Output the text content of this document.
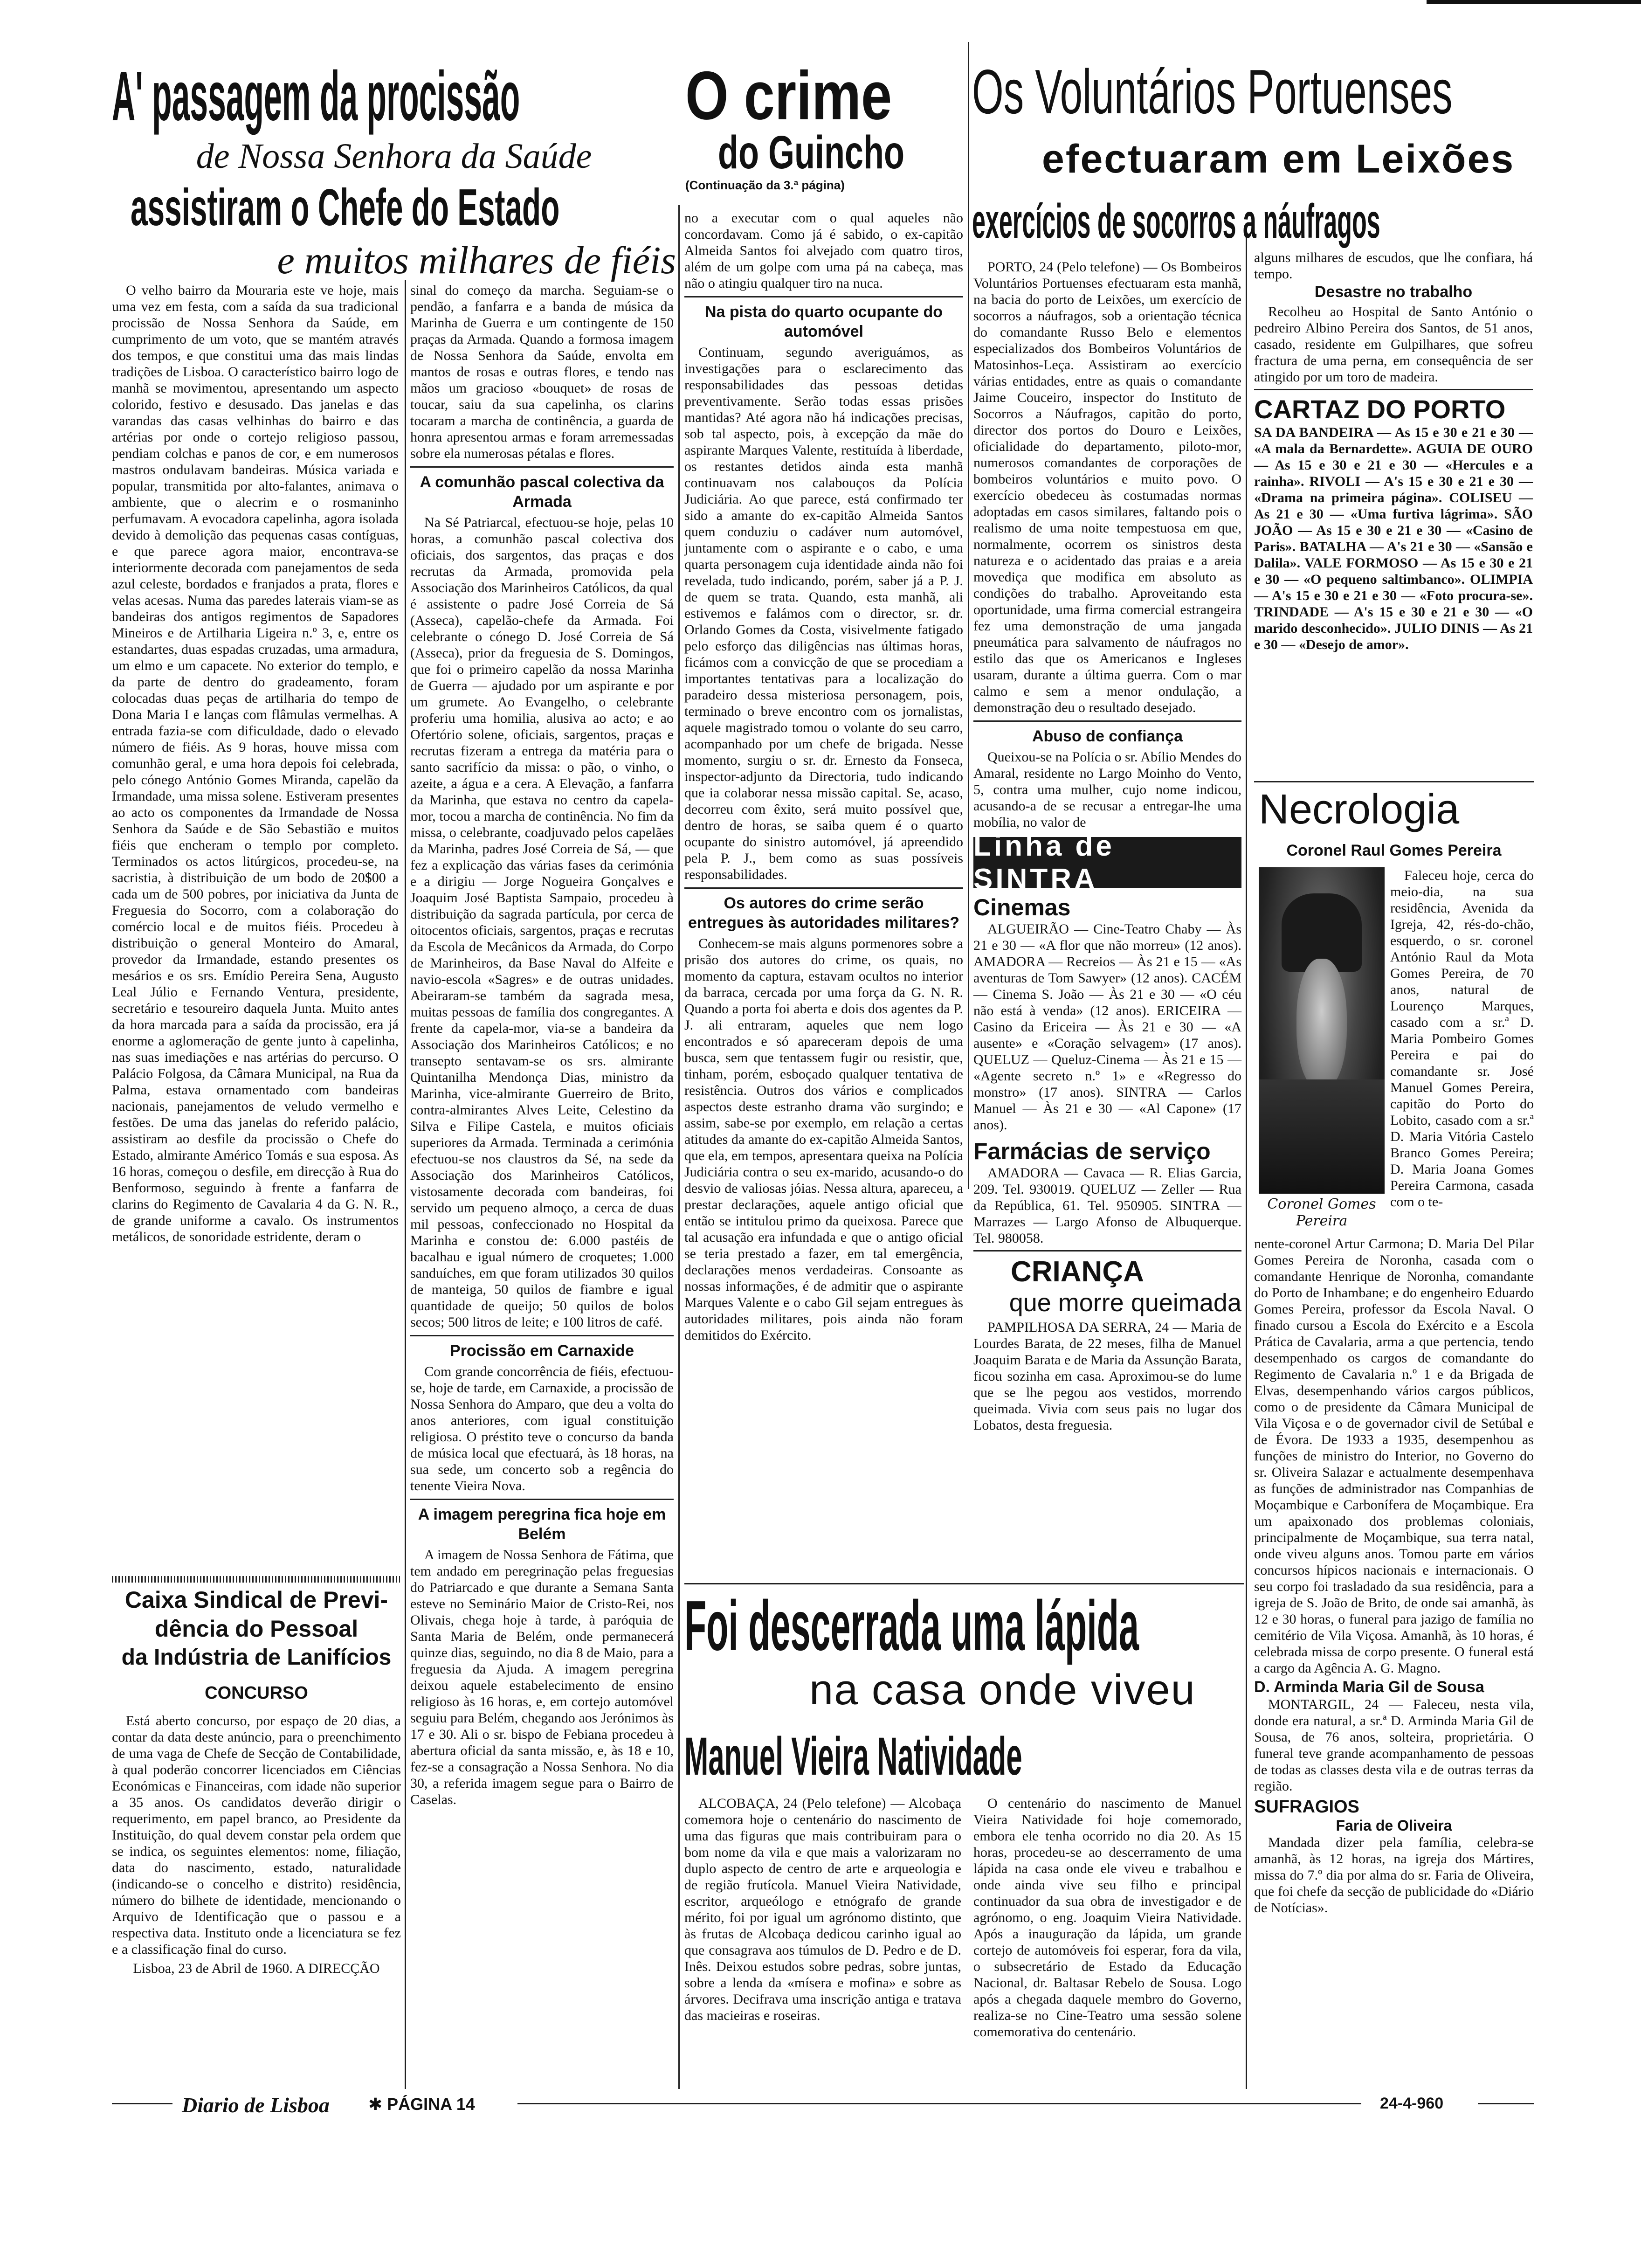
A' passagem da procissão
de Nossa Senhora da Saúde
assistiram o Chefe do Estado
e muitos milhares de fiéis
O crime
do Guincho
(Continuação da 3.ª página)
Os Voluntários Portuenses
efectuaram em Leixões
exercícios de socorros a náufragos

O velho bairro da Mouraria este ve hoje, mais uma vez em festa, com a saída da sua tradicional procissão de Nossa Senhora da Saúde, em cumprimento de um voto, que se mantém através dos tempos, e que constitui uma das mais lindas tradições de Lisboa. O característico bairro logo de manhã se movimentou, apresentando um aspecto colorido, festivo e desusado. Das janelas e das varandas das casas velhinhas do bairro e das artérias por onde o cortejo religioso passou, pendiam colchas e panos de cor, e em numerosos mastros ondulavam bandeiras. Música variada e popular, transmitida por alto-falantes, animava o ambiente, que o alecrim e o rosmaninho perfumavam. A evocadora capelinha, agora isolada devido à demolição das pequenas casas contíguas, e que parece agora maior, encontrava-se interiormente decorada com panejamentos de seda azul celeste, bordados e franjados a prata, flores e velas acesas. Numa das paredes laterais viam-se as bandeiras dos antigos regimentos de Sapadores Mineiros e de Artilharia Ligeira n.º 3, e, entre os estandartes, duas espadas cruzadas, uma armadura, um elmo e um capacete. No exterior do templo, e da parte de dentro do gradeamento, foram colocadas duas peças de artilharia do tempo de Dona Maria I e lanças com flâmulas vermelhas. A entrada fazia-se com dificuldade, dado o elevado número de fiéis. As 9 horas, houve missa com comunhão geral, e uma hora depois foi celebrada, pelo cónego António Gomes Miranda, capelão da Irmandade, uma missa solene. Estiveram presentes ao acto os componentes da Irmandade de Nossa Senhora da Saúde e de São Sebastião e muitos fiéis que encheram o templo por completo. Terminados os actos litúrgicos, procedeu-se, na sacristia, à distribuição de um bodo de 20$00 a cada um de 500 pobres, por iniciativa da Junta de Freguesia do Socorro, com a colaboração do comércio local e de muitos fiéis. Procedeu à distribuição o general Monteiro do Amaral, provedor da Irmandade, estando presentes os mesários e os srs. Emídio Pereira Sena, Augusto Leal Júlio e Fernando Ventura, presidente, secretário e tesoureiro daquela Junta. Muito antes da hora marcada para a saída da procissão, era já enorme a aglomeração de gente junto à capelinha, nas suas imediações e nas artérias do percurso. O Palácio Folgosa, da Câmara Municipal, na Rua da Palma, estava ornamentado com bandeiras nacionais, panejamentos de veludo vermelho e festões. De uma das janelas do referido palácio, assistiram ao desfile da procissão o Chefe do Estado, almirante Américo Tomás e sua esposa. As 16 horas, começou o desfile, em direcção à Rua do Benformoso, seguindo à frente a fanfarra de clarins do Regimento de Cavalaria 4 da G. N. R., de grande uniforme a cavalo. Os instrumentos metálicos, de sonoridade estridente, deram o

Caixa Sindical de Previ-
dência do Pessoal
da Indústria de Lanifícios
CONCURSO

Está aberto concurso, por espaço de 20 dias, a contar da data deste anúncio, para o preenchimento de uma vaga de Chefe de Secção de Contabilidade, à qual poderão concorrer licenciados em Ciências Económicas e Financeiras, com idade não superior a 35 anos. Os candidatos deverão dirigir o requerimento, em papel branco, ao Presidente da Instituição, do qual devem constar pela ordem que se indica, os seguintes elementos: nome, filiação, data do nascimento, estado, naturalidade (indicando-se o concelho e distrito) residência, número do bilhete de identidade, mencionando o Arquivo de Identificação que o passou e a respectiva data. Instituto onde a licenciatura se fez e a classificação final do curso.

Lisboa, 23 de Abril de 1960. A DIRECÇÃO

sinal do começo da marcha. Seguiam-se o pendão, a fanfarra e a banda de música da Marinha de Guerra e um contingente de 150 praças da Armada. Quando a formosa imagem de Nossa Senhora da Saúde, envolta em mantos de rosas e outras flores, e tendo nas mãos um gracioso «bouquet» de rosas de toucar, saiu da sua capelinha, os clarins tocaram a marcha de continência, a guarda de honra apresentou armas e foram arremessadas sobre ela numerosas pétalas e flores.

A comunhão pascal colectiva da Armada

Na Sé Patriarcal, efectuou-se hoje, pelas 10 horas, a comunhão pascal colectiva dos oficiais, dos sargentos, das praças e dos recrutas da Armada, promovida pela Associação dos Marinheiros Católicos, da qual é assistente o padre José Correia de Sá (Asseca), capelão-chefe da Armada. Foi celebrante o cónego D. José Correia de Sá (Asseca), prior da freguesia de S. Domingos, que foi o primeiro capelão da nossa Marinha de Guerra — ajudado por um aspirante e por um grumete. Ao Evangelho, o celebrante proferiu uma homilia, alusiva ao acto; e ao Ofertório solene, oficiais, sargentos, praças e recrutas fizeram a entrega da matéria para o santo sacrifício da missa: o pão, o vinho, o azeite, a água e a cera. A Elevação, a fanfarra da Marinha, que estava no centro da capela-mor, tocou a marcha de continência. No fim da missa, o celebrante, coadjuvado pelos capelães da Marinha, padres José Correia de Sá, — que fez a explicação das várias fases da cerimónia e a dirigiu — Jorge Nogueira Gonçalves e Joaquim José Baptista Sampaio, procedeu à distribuição da sagrada partícula, por cerca de oitocentos oficiais, sargentos, praças e recrutas da Escola de Mecânicos da Armada, do Corpo de Marinheiros, da Base Naval do Alfeite e navio-escola «Sagres» e de outras unidades. Abeiraram-se também da sagrada mesa, muitas pessoas de família dos congregantes. A frente da capela-mor, via-se a bandeira da Associação dos Marinheiros Católicos; e no transepto sentavam-se os srs. almirante Quintanilha Mendonça Dias, ministro da Marinha, vice-almirante Guerreiro de Brito, contra-almirantes Alves Leite, Celestino da Silva e Filipe Castela, e muitos oficiais superiores da Armada. Terminada a cerimónia efectuou-se nos claustros da Sé, na sede da Associação dos Marinheiros Católicos, vistosamente decorada com bandeiras, foi servido um pequeno almoço, a cerca de duas mil pessoas, confeccionado no Hospital da Marinha e constou de: 6.000 pastéis de bacalhau e igual número de croquetes; 1.000 sanduíches, em que foram utilizados 30 quilos de manteiga, 50 quilos de fiambre e igual quantidade de queijo; 50 quilos de bolos secos; 500 litros de leite; e 100 litros de café.

Procissão em Carnaxide

Com grande concorrência de fiéis, efectuou-se, hoje de tarde, em Carnaxide, a procissão de Nossa Senhora do Amparo, que deu a volta do anos anteriores, com igual constituição religiosa. O préstito teve o concurso da banda de música local que efectuará, às 18 horas, na sua sede, um concerto sob a regência do tenente Vieira Nova.

A imagem peregrina fica hoje em Belém

A imagem de Nossa Senhora de Fátima, que tem andado em peregrinação pelas freguesias do Patriarcado e que durante a Semana Santa esteve no Seminário Maior de Cristo-Rei, nos Olivais, chega hoje à tarde, à paróquia de Santa Maria de Belém, onde permanecerá quinze dias, seguindo, no dia 8 de Maio, para a freguesia da Ajuda. A imagem peregrina deixou aquele estabelecimento de ensino religioso às 16 horas, e, em cortejo automóvel seguiu para Belém, chegando aos Jerónimos às 17 e 30. Ali o sr. bispo de Febiana procedeu à abertura oficial da santa missão, e, às 18 e 10, fez-se a consagração a Nossa Senhora. No dia 30, a referida imagem segue para o Bairro de Caselas.

no a executar com o qual aqueles não concordavam. Como já é sabido, o ex-capitão Almeida Santos foi alvejado com quatro tiros, além de um golpe com uma pá na cabeça, mas não o atingiu qualquer tiro na nuca.

Na pista do quarto ocupante do automóvel

Continuam, segundo averiguámos, as investigações para o esclarecimento das responsabilidades das pessoas detidas preventivamente. Serão todas essas prisões mantidas? Até agora não há indicações precisas, sob tal aspecto, pois, à excepção da mãe do aspirante Marques Valente, restituída à liberdade, os restantes detidos ainda esta manhã continuavam nos calabouços da Polícia Judiciária. Ao que parece, está confirmado ter sido a amante do ex-capitão Almeida Santos quem conduziu o cadáver num automóvel, juntamente com o aspirante e o cabo, e uma quarta personagem cuja identidade ainda não foi revelada, tudo indicando, porém, saber já a P. J. de quem se trata. Quando, esta manhã, ali estivemos e falámos com o director, sr. dr. Orlando Gomes da Costa, visivelmente fatigado pelo esforço das diligências nas últimas horas, ficámos com a convicção de que se procediam a importantes tentativas para a localização do paradeiro dessa misteriosa personagem, pois, terminado o breve encontro com os jornalistas, aquele magistrado tomou o volante do seu carro, acompanhado por um chefe de brigada. Nesse momento, surgiu o sr. dr. Ernesto da Fonseca, inspector-adjunto da Directoria, tudo indicando que ia colaborar nessa missão capital. Se, acaso, decorreu com êxito, será muito possível que, dentro de horas, se saiba quem é o quarto ocupante do sinistro automóvel, já apreendido pela P. J., bem como as suas possíveis responsabilidades.

Os autores do crime serão entregues às autoridades militares?

Conhecem-se mais alguns pormenores sobre a prisão dos autores do crime, os quais, no momento da captura, estavam ocultos no interior da barraca, cercada por uma força da G. N. R. Quando a porta foi aberta e dois dos agentes da P. J. ali entraram, aqueles que nem logo encontrados e só apareceram depois de uma busca, sem que tentassem fugir ou resistir, que, tinham, porém, esboçado qualquer tentativa de resistência. Outros dos vários e complicados aspectos deste estranho drama vão surgindo; e assim, sabe-se por exemplo, em relação a certas atitudes da amante do ex-capitão Almeida Santos, que ela, em tempos, apresentara queixa na Polícia Judiciária contra o seu ex-marido, acusando-o do desvio de valiosas jóias. Nessa altura, apareceu, a prestar declarações, aquele antigo oficial que então se intitulou primo da queixosa. Parece que tal acusação era infundada e que o antigo oficial se teria prestado a fazer, em tal emergência, declarações menos verdadeiras. Consoante as nossas informações, é de admitir que o aspirante Marques Valente e o cabo Gil sejam entregues às autoridades militares, pois ainda não foram demitidos do Exército.

PORTO, 24 (Pelo telefone) — Os Bombeiros Voluntários Portuenses efectuaram esta manhã, na bacia do porto de Leixões, um exercício de socorros a náufragos, sob a orientação técnica do comandante Russo Belo e elementos especializados dos Bombeiros Voluntários de Matosinhos-Leça. Assistiram ao exercício várias entidades, entre as quais o comandante Jaime Couceiro, inspector do Instituto de Socorros a Náufragos, capitão do porto, director dos portos do Douro e Leixões, oficialidade do departamento, piloto-mor, numerosos comandantes de corporações de bombeiros voluntários e muito povo. O exercício obedeceu às costumadas normas adoptadas em casos similares, faltando pois o realismo de uma noite tempestuosa em que, normalmente, ocorrem os sinistros desta natureza e o acidentado das praias e a areia movediça que modifica em absoluto as condições do trabalho. Aproveitando esta oportunidade, uma firma comercial estrangeira fez uma demonstração de uma jangada pneumática para salvamento de náufragos no estilo das que os Americanos e Ingleses usaram, durante a última guerra. Com o mar calmo e sem a menor ondulação, a demonstração deu o resultado desejado.

Abuso de confiança

Queixou-se na Polícia o sr. Abílio Mendes do Amaral, residente no Largo Moinho do Vento, 5, contra uma mulher, cujo nome indicou, acusando-a de se recusar a entregar-lhe uma mobília, no valor de

Linha de SINTRA
Cinemas

ALGUEIRÃO — Cine-Teatro Chaby — Às 21 e 30 — «A flor que não morreu» (12 anos). AMADORA — Recreios — Às 21 e 15 — «As aventuras de Tom Sawyer» (12 anos). CACÉM — Cinema S. João — Às 21 e 30 — «O céu não está à venda» (12 anos). ERICEIRA — Casino da Ericeira — Às 21 e 30 — «A ausente» e «Coração selvagem» (17 anos). QUELUZ — Queluz-Cinema — Às 21 e 15 — «Agente secreto n.º 1» e «Regresso do monstro» (17 anos). SINTRA — Carlos Manuel — Às 21 e 30 — «Al Capone» (17 anos).

Farmácias de serviço

AMADORA — Cavaca — R. Elias Garcia, 209. Tel. 930019. QUELUZ — Zeller — Rua da República, 61. Tel. 950905. SINTRA — Marrazes — Largo Afonso de Albuquerque. Tel. 980058.

CRIANÇA
que morre queimada

PAMPILHOSA DA SERRA, 24 — Maria de Lourdes Barata, de 22 meses, filha de Manuel Joaquim Barata e de Maria da Assunção Barata, ficou sozinha em casa. Aproximou-se do lume que se lhe pegou aos vestidos, morrendo queimada. Vivia com seus pais no lugar dos Lobatos, desta freguesia.

Foi descerrada uma lápida
na casa onde viveu
Manuel Vieira Natividade

ALCOBAÇA, 24 (Pelo telefone) — Alcobaça comemora hoje o centenário do nascimento de uma das figuras que mais contribuiram para o bom nome da vila e que mais a valorizaram no duplo aspecto de centro de arte e arqueologia e de região frutícola. Manuel Vieira Natividade, escritor, arqueólogo e etnógrafo de grande mérito, foi por igual um agrónomo distinto, que às frutas de Alcobaça dedicou carinho igual ao que consagrava aos túmulos de D. Pedro e de D. Inês. Deixou estudos sobre pedras, sobre juntas, sobre a lenda da «mísera e mofina» e sobre as árvores. Decifrava uma inscrição antiga e tratava das macieiras e roseiras.

O centenário do nascimento de Manuel Vieira Natividade foi hoje comemorado, embora ele tenha ocorrido no dia 20. As 15 horas, procedeu-se ao descerramento de uma lápida na casa onde ele viveu e trabalhou e onde ainda vive seu filho e principal continuador da sua obra de investigador e de agrónomo, o eng. Joaquim Vieira Natividade. Após a inauguração da lápida, um grande cortejo de automóveis foi esperar, fora da vila, o subsecretário de Estado da Educação Nacional, dr. Baltasar Rebelo de Sousa. Logo após a chegada daquele membro do Governo, realiza-se no Cine-Teatro uma sessão solene comemorativa do centenário.

alguns milhares de escudos, que lhe confiara, há tempo.

Desastre no trabalho

Recolheu ao Hospital de Santo António o pedreiro Albino Pereira dos Santos, de 51 anos, casado, residente em Gulpilhares, que sofreu fractura de uma perna, em consequência de ser atingido por um toro de madeira.

CARTAZ DO PORTO

SA DA BANDEIRA — As 15 e 30 e 21 e 30 — «A mala da Bernardette». AGUIA DE OURO — As 15 e 30 e 21 e 30 — «Hercules e a rainha». RIVOLI — A's 15 e 30 e 21 e 30 — «Drama na primeira página». COLISEU — As 21 e 30 — «Uma furtiva lágrima». SÃO JOÃO — As 15 e 30 e 21 e 30 — «Casino de Paris». BATALHA — A's 21 e 30 — «Sansão e Dalila». VALE FORMOSO — As 15 e 30 e 21 e 30 — «O pequeno saltimbanco». OLIMPIA — A's 15 e 30 e 21 e 30 — «Foto procura-se». TRINDADE — A's 15 e 30 e 21 e 30 — «O marido desconhecido». JULIO DINIS — As 21 e 30 — «Desejo de amor».

Necrologia
Coronel Raul Gomes Pereira
Coronel Gomes Pereira

Faleceu hoje, cerca do meio-dia, na sua residência, Avenida da Igreja, 42, rés-do-chão, esquerdo, o sr. coronel António Raul da Mota Gomes Pereira, de 70 anos, natural de Lourenço Marques, casado com a sr.ª D. Maria Pombeiro Gomes Pereira e pai do comandante sr. José Manuel Gomes Pereira, capitão do Porto do Lobito, casado com a sr.ª D. Maria Vitória Castelo Branco Gomes Pereira; D. Maria Joana Gomes Pereira Carmona, casada com o te-

nente-coronel Artur Carmona; D. Maria Del Pilar Gomes Pereira de Noronha, casada com o comandante Henrique de Noronha, comandante do Porto de Inhambane; e do engenheiro Eduardo Gomes Pereira, professor da Escola Naval. O finado cursou a Escola do Exército e a Escola Prática de Cavalaria, arma a que pertencia, tendo desempenhado os cargos de comandante do Regimento de Cavalaria n.º 1 e da Brigada de Elvas, desempenhando vários cargos públicos, como o de presidente da Câmara Municipal de Vila Viçosa e o de governador civil de Setúbal e de Évora. De 1933 a 1935, desempenhou as funções de ministro do Interior, no Governo do sr. Oliveira Salazar e actualmente desempenhava as funções de administrador nas Companhias de Moçambique e Carbonífera de Moçambique. Era um apaixonado dos problemas coloniais, principalmente de Moçambique, sua terra natal, onde viveu alguns anos. Tomou parte em vários concursos hípicos nacionais e internacionais. O seu corpo foi trasladado da sua residência, para a igreja de S. João de Brito, de onde sai amanhã, às 12 e 30 horas, o funeral para jazigo de família no cemitério de Vila Viçosa. Amanhã, às 10 horas, é celebrada missa de corpo presente. O funeral está a cargo da Agência A. G. Magno.

D. Arminda Maria Gil de Sousa

MONTARGIL, 24 — Faleceu, nesta vila, donde era natural, a sr.ª D. Arminda Maria Gil de Sousa, de 76 anos, solteira, proprietária. O funeral teve grande acompanhamento de pessoas de todas as classes desta vila e de outras terras da região.

SUFRAGIOS
Faria de Oliveira

Mandada dizer pela família, celebra-se amanhã, às 12 horas, na igreja dos Mártires, missa do 7.º dia por alma do sr. Faria de Oliveira, que foi chefe da secção de publicidade do «Diário de Notícias».

Diario de Lisboa	✱ PÁGINA 14	24-4-960
